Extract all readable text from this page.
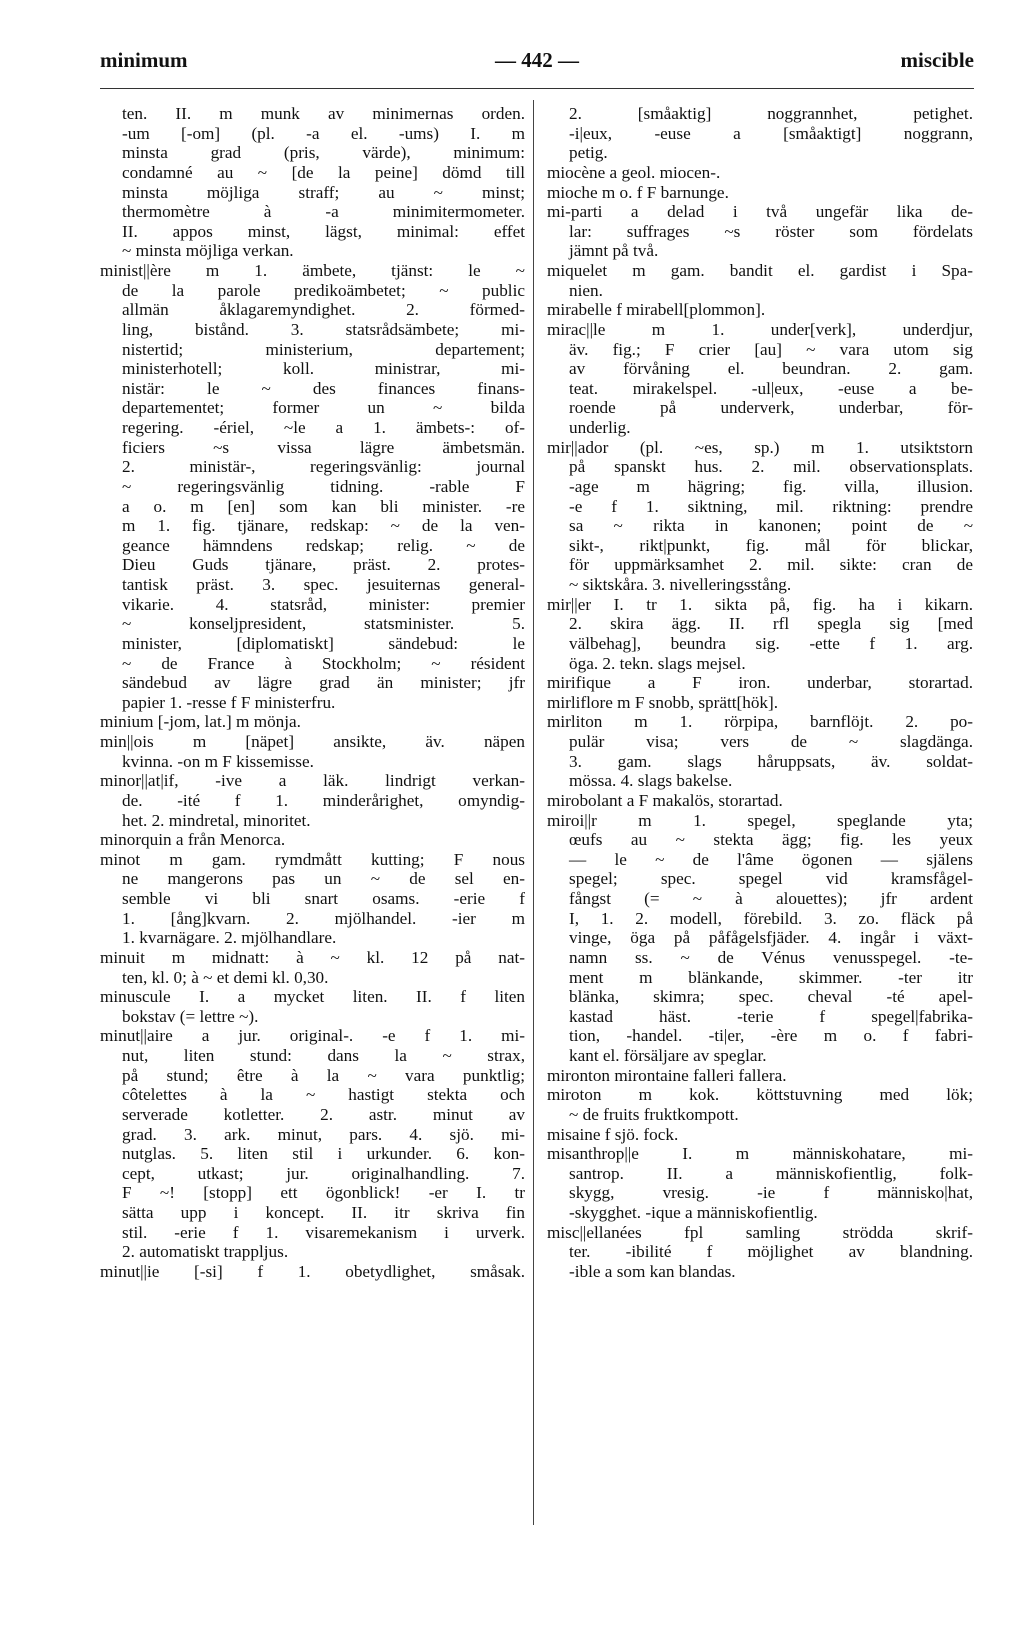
minimum	— 442 —	miscible
ten. II. m munk av minimernas orden.
-um [-om] (pl. -a el. -ums) I. m
minsta grad (pris, värde), minimum:
condamné au ~ [de la peine] dömd till
minsta möjliga straff; au ~ minst;
thermomètre à -a minimitermometer.
II. appos minst, lägst, minimal: effet
~ minsta möjliga verkan.
minist||ère m 1. ämbete, tjänst: le ~
de la parole predikoämbetet; ~ public
allmän åklagaremyndighet. 2. förmed-
ling, bistånd. 3. statsrådsämbete; mi-
nistertid; ministerium, departement;
ministerhotell; koll. ministrar, mi-
nistär: le ~ des finances finans-
departementet; former un ~ bilda
regering. -ériel, ~le a 1. ämbets-: of-
ficiers ~s vissa lägre ämbetsmän.
2. ministär-, regeringsvänlig: journal
~ regeringsvänlig tidning. -rable F
a o. m [en] som kan bli minister. -re
m 1. fig. tjänare, redskap: ~ de la ven-
geance hämndens redskap; relig. ~ de
Dieu Guds tjänare, präst. 2. protes-
tantisk präst. 3. spec. jesuiternas general-
vikarie. 4. statsråd, minister: premier
~ konseljpresident, statsminister. 5.
minister, [diplomatiskt] sändebud: le
~ de France à Stockholm; ~ résident
sändebud av lägre grad än minister; jfr
papier 1. -resse f F ministerfru.
minium [-jom, lat.] m mönja.
min||ois m [näpet] ansikte, äv. näpen
kvinna. -on m F kissemisse.
minor||at|if, -ive a läk. lindrigt verkan-
de. -ité f 1. minderårighet, omyndig-
het. 2. mindretal, minoritet.
minorquin a från Menorca.
minot m gam. rymdmått kutting; F nous
ne mangerons pas un ~ de sel en-
semble vi bli snart osams. -erie f
1. [ång]kvarn. 2. mjölhandel. -ier m
1. kvarnägare. 2. mjölhandlare.
minuit m midnatt: à ~ kl. 12 på nat-
ten, kl. 0; à ~ et demi kl. 0,30.
minuscule I. a mycket liten. II. f liten
bokstav (= lettre ~).
minut||aire a jur. original-. -e f 1. mi-
nut, liten stund: dans la ~ strax,
på stund; être à la ~ vara punktlig;
côtelettes à la ~ hastigt stekta och
serverade kotletter. 2. astr. minut av
grad. 3. ark. minut, pars. 4. sjö. mi-
nutglas. 5. liten stil i urkunder. 6. kon-
cept, utkast; jur. originalhandling. 7.
F ~! [stopp] ett ögonblick! -er I. tr
sätta upp i koncept. II. itr skriva fin
stil. -erie f 1. visaremekanism i urverk.
2. automatiskt trappljus.
minut||ie [-si] f 1. obetydlighet, småsak.
2. [småaktig] noggrannhet, petighet.
-i|eux, -euse a [småaktigt] noggrann,
petig.
miocène a geol. miocen-.
mioche m o. f F barnunge.
mi-parti a delad i två ungefär lika de-
lar: suffrages ~s röster som fördelats
jämnt på två.
miquelet m gam. bandit el. gardist i Spa-
nien.
mirabelle f mirabell[plommon].
mirac||le m 1. under[verk], underdjur,
äv. fig.; F crier [au] ~ vara utom sig
av förvåning el. beundran. 2. gam.
teat. mirakelspel. -ul|eux, -euse a be-
roende på underverk, underbar, för-
underlig.
mir||ador (pl. ~es, sp.) m 1. utsiktstorn
på spanskt hus. 2. mil. observationsplats.
-age m hägring; fig. villa, illusion.
-e f 1. siktning, mil. riktning: prendre
sa ~ rikta in kanonen; point de ~
sikt-, rikt|punkt, fig. mål för blickar,
för uppmärksamhet 2. mil. sikte: cran de
~ siktskåra. 3. nivelleringsstång.
mir||er I. tr 1. sikta på, fig. ha i kikarn.
2. skira ägg. II. rfl spegla sig [med
välbehag], beundra sig. -ette f 1. arg.
öga. 2. tekn. slags mejsel.
mirifique a F iron. underbar, storartad.
mirliflore m F snobb, sprätt[hök].
mirliton m 1. rörpipa, barnflöjt. 2. po-
pulär visa; vers de ~ slagdänga.
3. gam. slags håruppsats, äv. soldat-
mössa. 4. slags bakelse.
mirobolant a F makalös, storartad.
miroi||r m 1. spegel, speglande yta;
œufs au ~ stekta ägg; fig. les yeux
— le ~ de l'âme ögonen — själens
spegel; spec. spegel vid kramsfågel-
fångst (= ~ à alouettes); jfr ardent
I, 1. 2. modell, förebild. 3. zo. fläck på
vinge, öga på påfågelsfjäder. 4. ingår i växt-
namn ss. ~ de Vénus venusspegel. -te-
ment m blänkande, skimmer. -ter itr
blänka, skimra; spec. cheval -té apel-
kastad häst. -terie f spegel|fabrika-
tion, -handel. -ti|er, -ère m o. f fabri-
kant el. försäljare av speglar.
mironton mirontaine falleri fallera.
miroton m kok. köttstuvning med lök;
~ de fruits fruktkompott.
misaine f sjö. fock.
misanthrop||e I. m människohatare, mi-
santrop. II. a människofientlig, folk-
skygg, vresig. -ie f människo|hat,
-skygghet. -ique a människofientlig.
misc||ellanées fpl samling strödda skrif-
ter. -ibilité f möjlighet av blandning.
-ible a som kan blandas.
